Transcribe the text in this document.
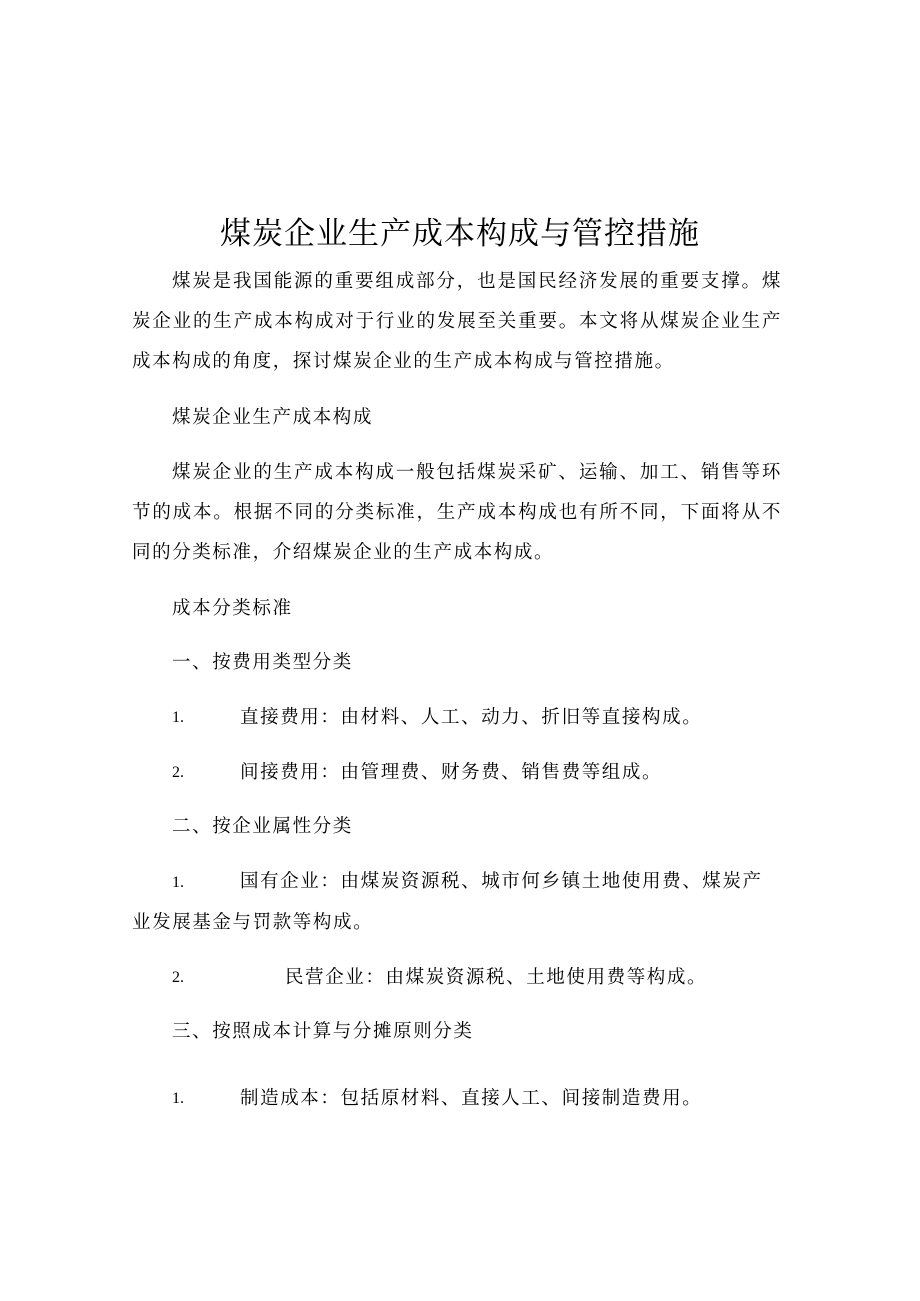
煤炭企业生产成本构成与管控措施
煤炭是我国能源的重要组成部分，也是国民经济发展的重要支撑。煤炭企业的生产成本构成对于行业的发展至关重要。本文将从煤炭企业生产成本构成的角度，探讨煤炭企业的生产成本构成与管控措施。
煤炭企业生产成本构成
煤炭企业的生产成本构成一般包括煤炭采矿、运输、加工、销售等环节的成本。根据不同的分类标准，生产成本构成也有所不同，下面将从不同的分类标准，介绍煤炭企业的生产成本构成。
成本分类标准
一、按费用类型分类
1.	直接费用：由材料、人工、动力、折旧等直接构成。
2.	间接费用：由管理费、财务费、销售费等组成。
二、按企业属性分类
1.	国有企业：由煤炭资源税、城市何乡镇土地使用费、煤炭产业发展基金与罚款等构成。
2.	民营企业：由煤炭资源税、土地使用费等构成。
三、按照成本计算与分摊原则分类
1.	制造成本：包括原材料、直接人工、间接制造费用。
